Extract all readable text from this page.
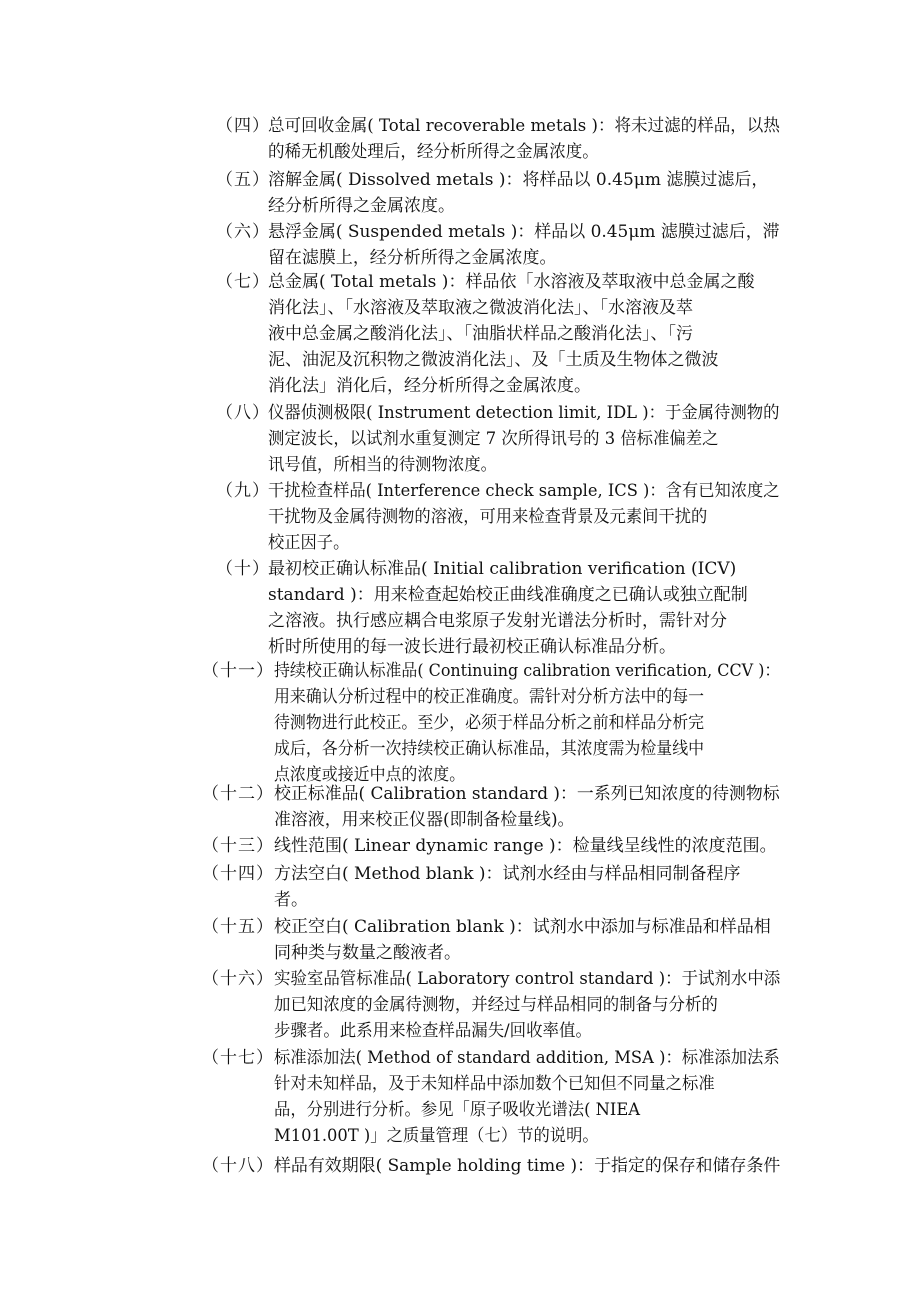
（四）
总可回收金属( Total recoverable metals )：将未过滤的样品，以热
的稀无机酸处理后，经分析所得之金属浓度。
（五）
溶解金属( Dissolved metals )：将样品以 0.45μm 滤膜过滤后，
经分析所得之金属浓度。
（六）
悬浮金属( Suspended metals )：样品以 0.45μm 滤膜过滤后，滞
留在滤膜上，经分析所得之金属浓度。
（七）
总金属( Total metals )：样品依「水溶液及萃取液中总金属之酸
消化法」、「水溶液及萃取液之微波消化法」、「水溶液及萃
液中总金属之酸消化法」、「油脂状样品之酸消化法」、「污
泥、油泥及沉积物之微波消化法」、及「土质及生物体之微波
消化法」消化后，经分析所得之金属浓度。
（八）
仪器侦测极限( Instrument detection limit, IDL )：于金属待测物的
测定波长，以试剂水重复测定 7 次所得讯号的 3 倍标准偏差之
讯号值，所相当的待测物浓度。
（九）
干扰检查样品( Interference check sample, ICS )：含有已知浓度之
干扰物及金属待测物的溶液，可用来检查背景及元素间干扰的
校正因子。
（十）
最初校正确认标准品( Initial calibration verification (ICV)
standard )：用来检查起始校正曲线准确度之已确认或独立配制
之溶液。执行感应耦合电浆原子发射光谱法分析时，需针对分
析时所使用的每一波长进行最初校正确认标准品分析。
（十一） 持续校正确认标准品( Continuing calibration verification, CCV )：
用来确认分析过程中的校正准确度。需针对分析方法中的每一
待测物进行此校正。至少，必须于样品分析之前和样品分析完
成后，各分析一次持续校正确认标准品，其浓度需为检量线中
点浓度或接近中点的浓度。
（十二） 校正标准品( Calibration standard )：一系列已知浓度的待测物标
准溶液，用来校正仪器(即制备检量线)。
（十三） 线性范围( Linear dynamic range )：检量线呈线性的浓度范围。
（十四） 方法空白( Method blank )：试剂水经由与样品相同制备程序
者。
（十五） 校正空白( Calibration blank )：试剂水中添加与标准品和样品相
同种类与数量之酸液者。
（十六） 实验室品管标准品( Laboratory control standard )：于试剂水中添
加已知浓度的金属待测物，并经过与样品相同的制备与分析的
步骤者。此系用来检查样品漏失/回收率值。
（十七） 标准添加法( Method of standard addition, MSA )：标准添加法系
针对未知样品，及于未知样品中添加数个已知但不同量之标准
品，分别进行分析。参见「原子吸收光谱法( NIEA
M101.00T )」之质量管理（七）节的说明。
（十八） 样品有效期限( Sample holding time )：于指定的保存和储存条件
